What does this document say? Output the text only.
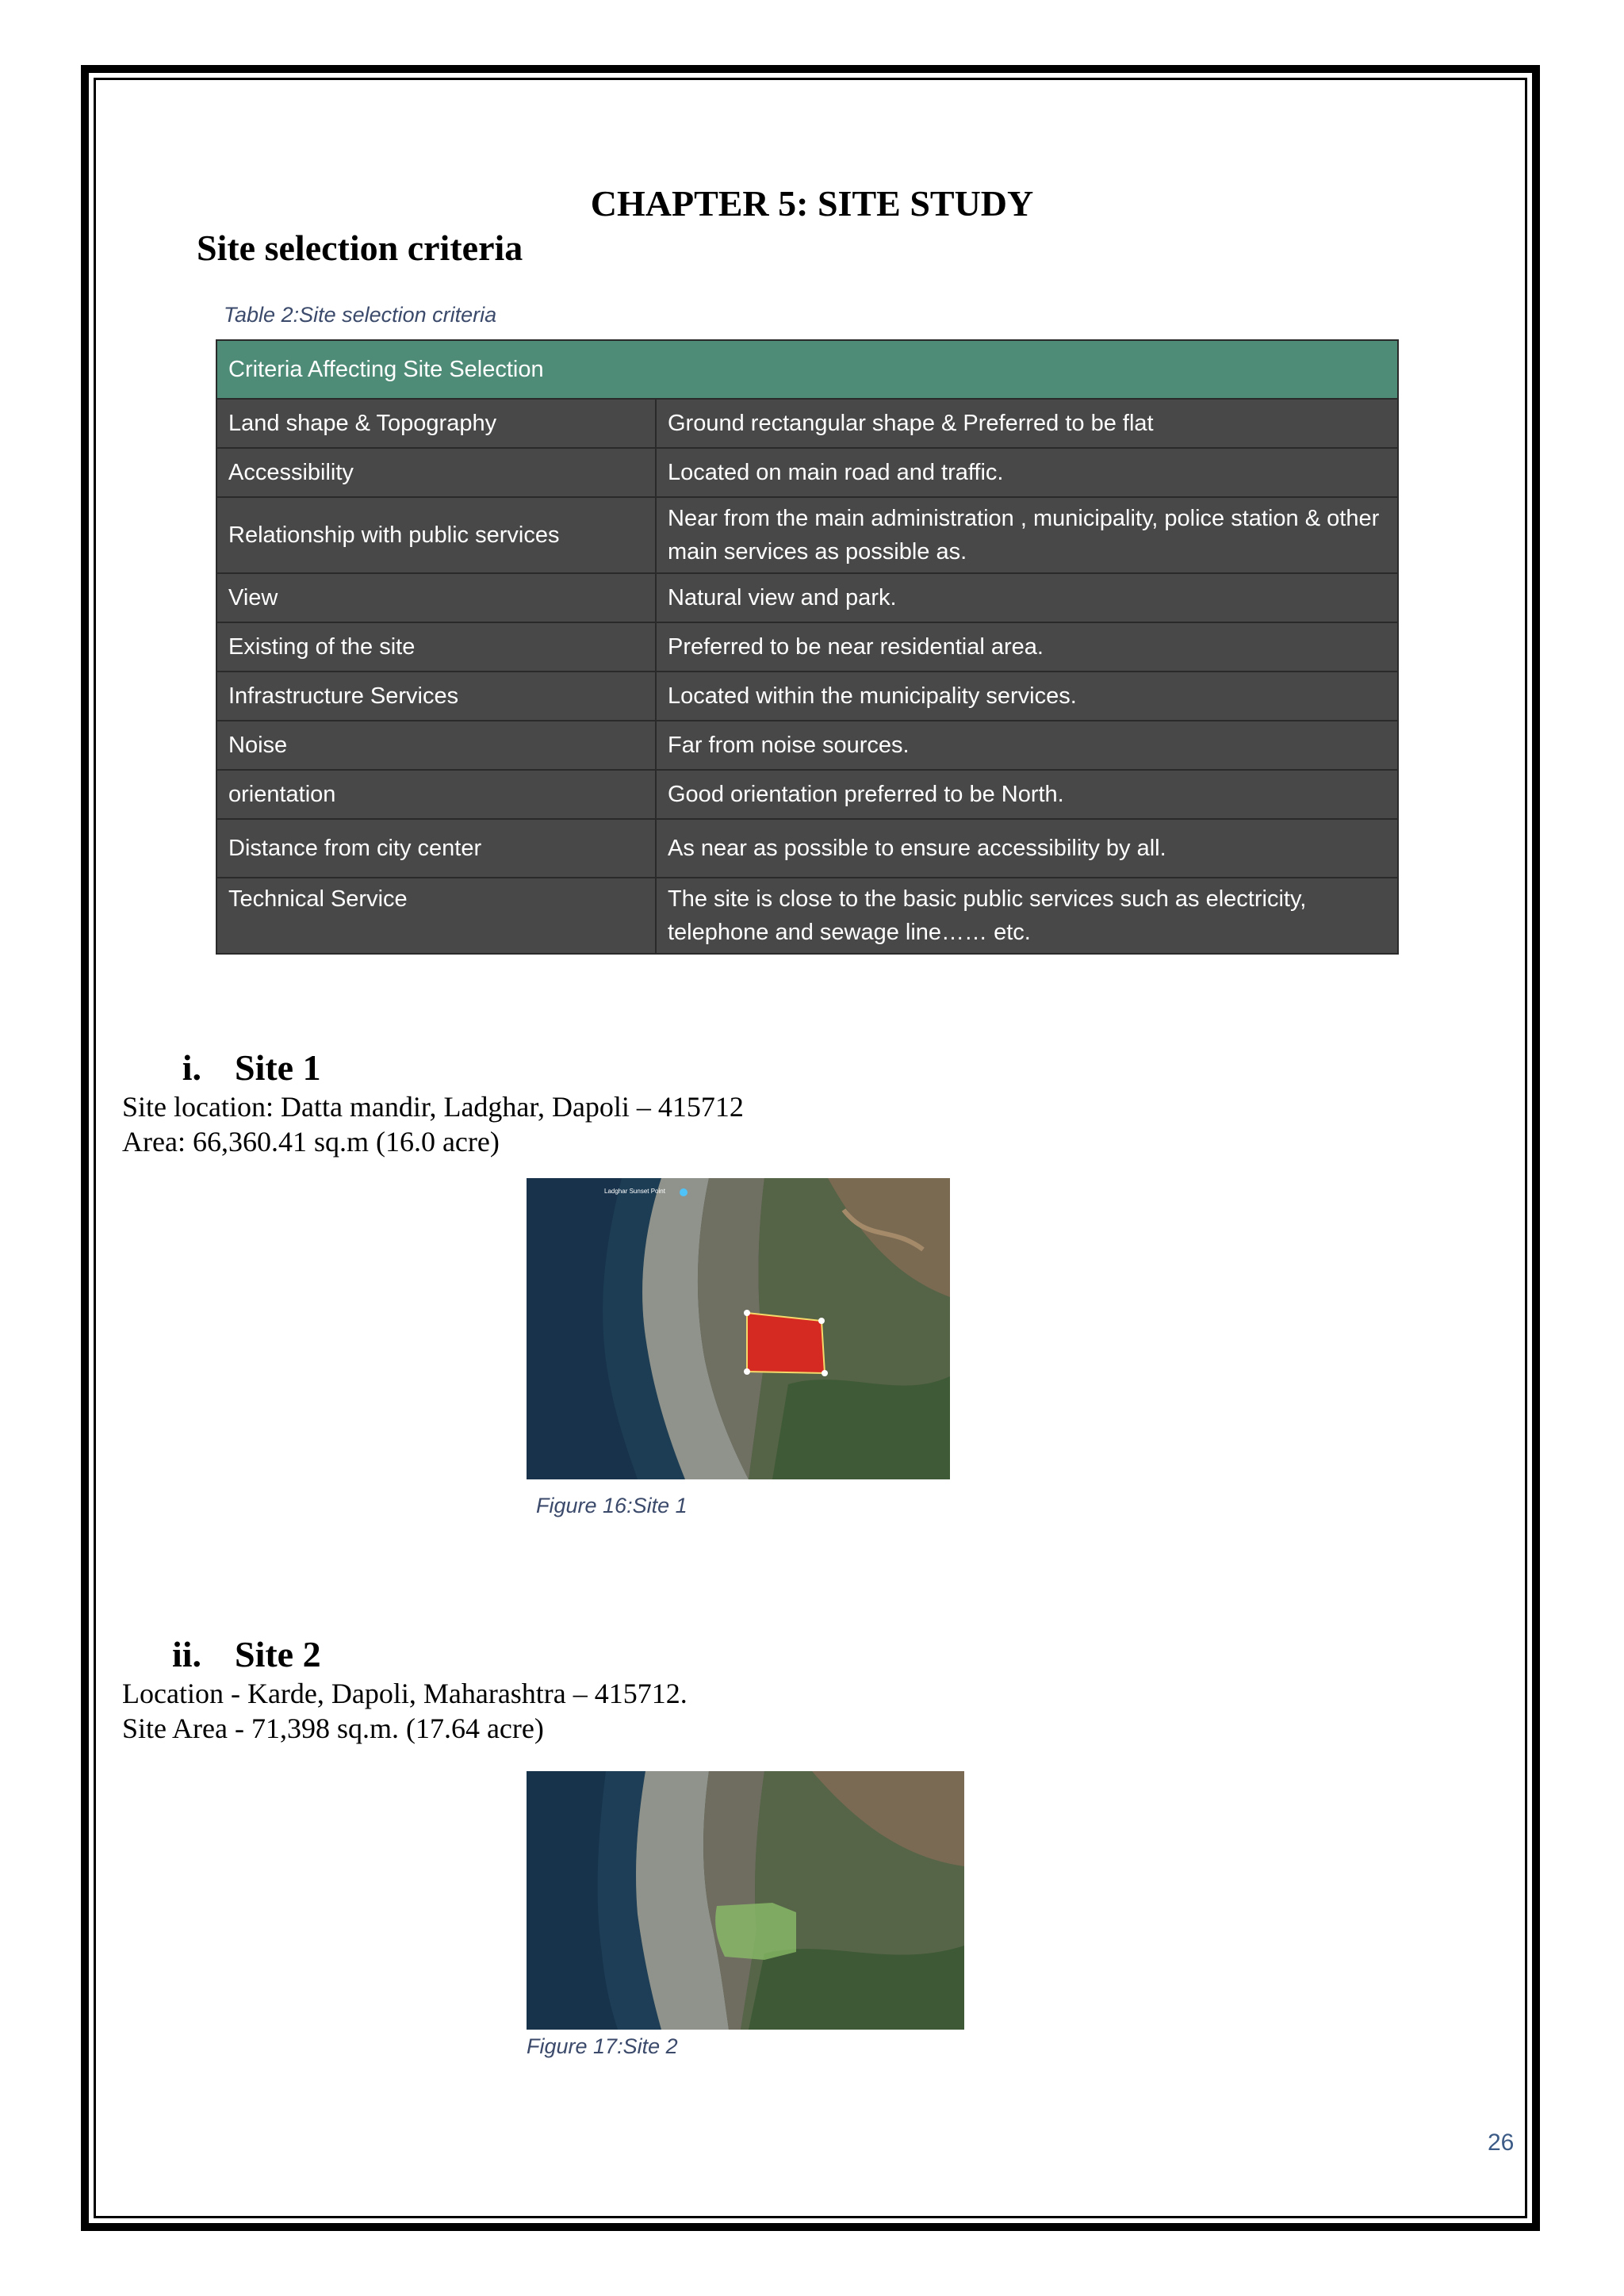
CHAPTER 5: SITE STUDY
Site selection criteria
Table 2:Site selection criteria
Criteria Affecting Site Selection	
Land shape & Topography	Ground rectangular shape & Preferred to be flat
Accessibility	Located on main road and traffic.
Relationship with public services	Near from the main administration , municipality, police station & other main services as possible as.
View	Natural view and park.
Existing of the site	Preferred to be near residential area.
Infrastructure Services	Located within the municipality services.
Noise	Far from noise sources.
orientation	Good orientation preferred to be North.
Distance from city center	As near as possible to ensure accessibility by all.
Technical Service	The site is close to the basic public services such as electricity, telephone and sewage line…… etc.
i. Site 1
Site location: Datta mandir, Ladghar, Dapoli – 415712
Area: 66,360.41 sq.m (16.0 acre)
Ladghar Sunset Point
Figure 16:Site 1
ii. Site 2
Location - Karde, Dapoli, Maharashtra – 415712.
Site Area - 71,398 sq.m. (17.64 acre)
Figure 17:Site 2
26
